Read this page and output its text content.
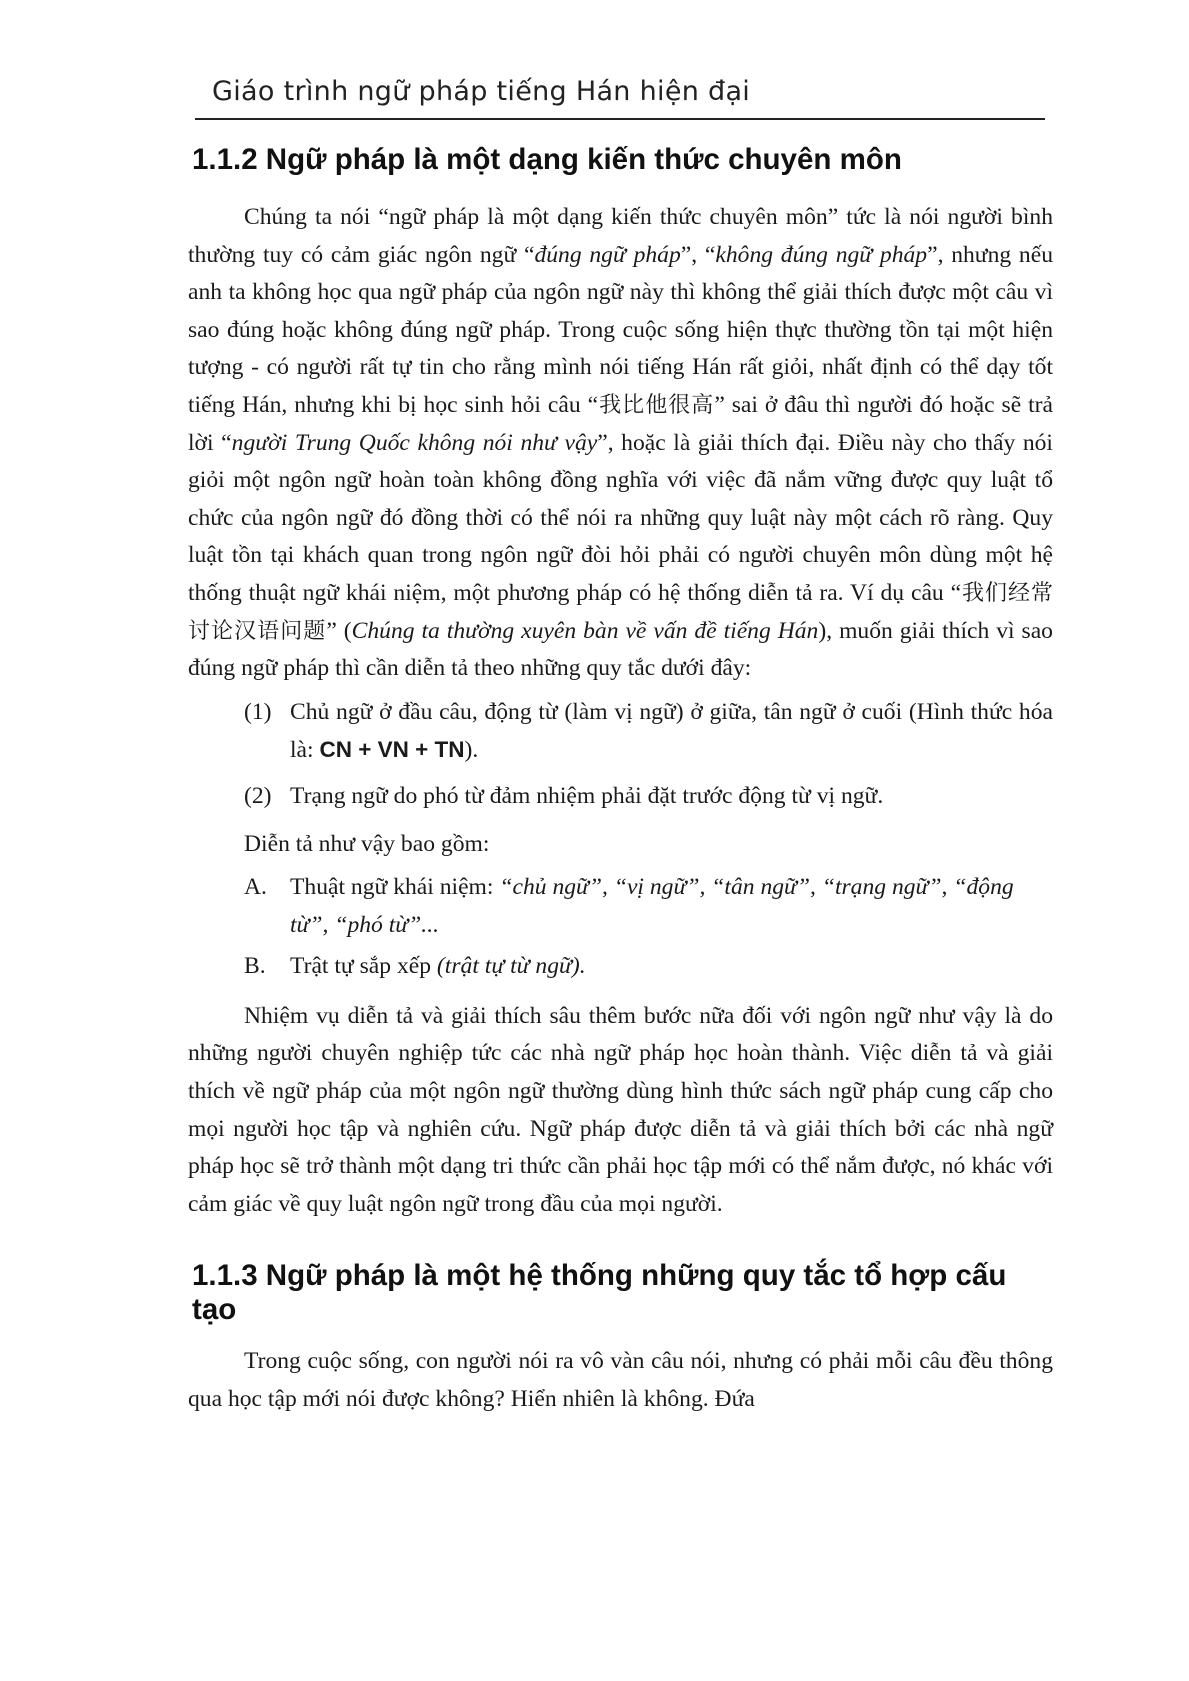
Giáo trình ngữ pháp tiếng Hán hiện đại
1.1.2 Ngữ pháp là một dạng kiến thức chuyên môn

Chúng ta nói “ngữ pháp là một dạng kiến thức chuyên môn” tức là nói người bình thường tuy có cảm giác ngôn ngữ “đúng ngữ pháp”, “không đúng ngữ pháp”, nhưng nếu anh ta không học qua ngữ pháp của ngôn ngữ này thì không thể giải thích được một câu vì sao đúng hoặc không đúng ngữ pháp. Trong cuộc sống hiện thực thường tồn tại một hiện tượng - có người rất tự tin cho rằng mình nói tiếng Hán rất giỏi, nhất định có thể dạy tốt tiếng Hán, nhưng khi bị học sinh hỏi câu “我比他很高” sai ở đâu thì người đó hoặc sẽ trả lời “người Trung Quốc không nói như vậy”, hoặc là giải thích đại. Điều này cho thấy nói giỏi một ngôn ngữ hoàn toàn không đồng nghĩa với việc đã nắm vững được quy luật tổ chức của ngôn ngữ đó đồng thời có thể nói ra những quy luật này một cách rõ ràng. Quy luật tồn tại khách quan trong ngôn ngữ đòi hỏi phải có người chuyên môn dùng một hệ thống thuật ngữ khái niệm, một phương pháp có hệ thống diễn tả ra. Ví dụ câu “我们经常讨论汉语问题” (Chúng ta thường xuyên bàn về vấn đề tiếng Hán), muốn giải thích vì sao đúng ngữ pháp thì cần diễn tả theo những quy tắc dưới đây:

(1) Chủ ngữ ở đầu câu, động từ (làm vị ngữ) ở giữa, tân ngữ ở cuối (Hình thức hóa là: CN + VN + TN).
(2) Trạng ngữ do phó từ đảm nhiệm phải đặt trước động từ vị ngữ.
Diễn tả như vậy bao gồm:
A. Thuật ngữ khái niệm: “chủ ngữ”, “vị ngữ”, “tân ngữ”, “trạng ngữ”, “động từ”, “phó từ”...
B.	Trật tự sắp xếp (trật tự từ ngữ).

Nhiệm vụ diễn tả và giải thích sâu thêm bước nữa đối với ngôn ngữ như vậy là do những người chuyên nghiệp tức các nhà ngữ pháp học hoàn thành. Việc diễn tả và giải thích về ngữ pháp của một ngôn ngữ thường dùng hình thức sách ngữ pháp cung cấp cho mọi người học tập và nghiên cứu. Ngữ pháp được diễn tả và giải thích bởi các nhà ngữ pháp học sẽ trở thành một dạng tri thức cần phải học tập mới có thể nắm được, nó khác với cảm giác về quy luật ngôn ngữ trong đầu của mọi người.

1.1.3 Ngữ pháp là một hệ thống những quy tắc tổ hợp cấu tạo

Trong cuộc sống, con người nói ra vô vàn câu nói, nhưng có phải mỗi câu đều thông qua học tập mới nói được không? Hiển nhiên là không. Đứa
